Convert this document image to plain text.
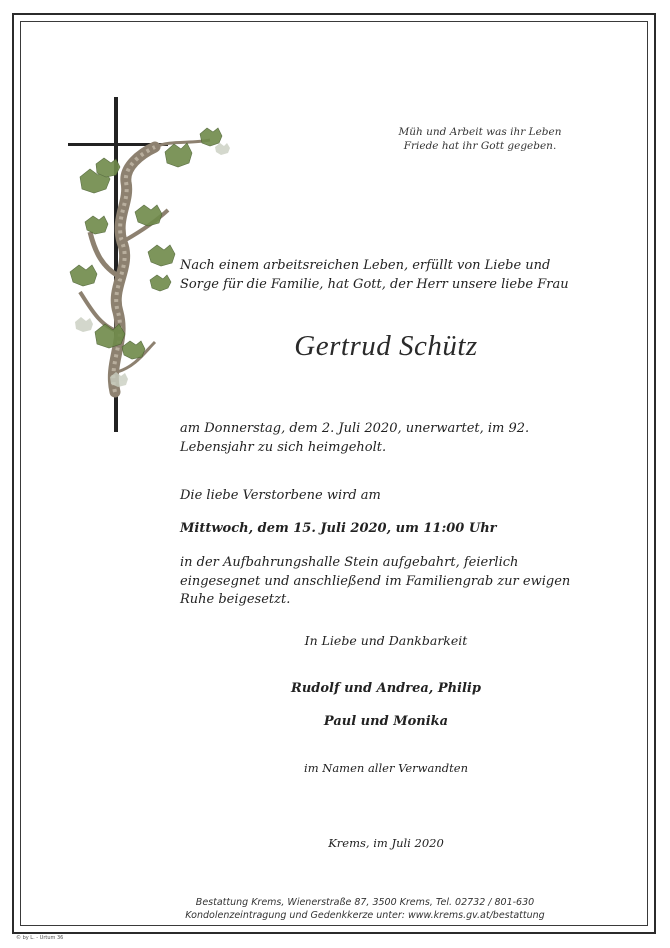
Müh und Arbeit was ihr Leben
Friede hat ihr Gott gegeben.
Nach einem arbeitsreichen Leben, erfüllt von Liebe und Sorge für die Familie, hat Gott, der Herr unsere liebe Frau
Gertrud Schütz
am Donnerstag, dem 2. Juli 2020, unerwartet, im 92. Lebensjahr zu sich heimgeholt.
Die liebe Verstorbene wird am
Mittwoch, dem 15. Juli 2020, um 11:00 Uhr
in der Aufbahrungshalle Stein aufgebahrt, feierlich eingesegnet und anschließend im Familiengrab zur ewigen Ruhe beigesetzt.
In Liebe und Dankbarkeit
Rudolf und Andrea, Philip
Paul und Monika
im Namen aller Verwandten
Krems, im Juli 2020
Bestattung Krems, Wienerstraße 87, 3500 Krems, Tel. 02732 / 801-630
Kondolenzeintragung und Gedenkkerze unter: www.krems.gv.at/bestattung
© by L. - Urtum 36
